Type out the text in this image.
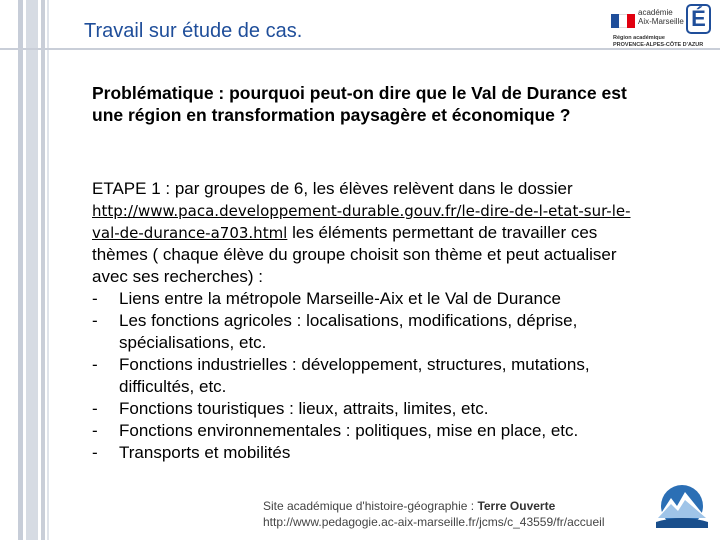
Travail sur étude de cas.
académie
Aix-Marseille É
Région académique
PROVENCE-ALPES-CÔTE D'AZUR
Problématique : pourquoi peut-on dire que le Val de Durance est une région en transformation paysagère et économique ?
ETAPE 1 : par groupes de 6, les élèves relèvent dans le dossier http://www.paca.developpement-durable.gouv.fr/le-dire-de-l-etat-sur-le-val-de-durance-a703.html les éléments permettant de travailler ces thèmes ( chaque élève du groupe choisit son thème et peut actualiser avec ses recherches) :
- Liens entre la métropole Marseille-Aix et le Val de Durance
- Les fonctions agricoles : localisations, modifications, déprise, spécialisations, etc.
- Fonctions industrielles : développement, structures, mutations, difficultés, etc.
- Fonctions touristiques : lieux, attraits, limites, etc.
- Fonctions environnementales : politiques, mise en place, etc.
- Transports et mobilités
Site académique d'histoire-géographie : Terre Ouverte
http://www.pedagogie.ac-aix-marseille.fr/jcms/c_43559/fr/accueil
